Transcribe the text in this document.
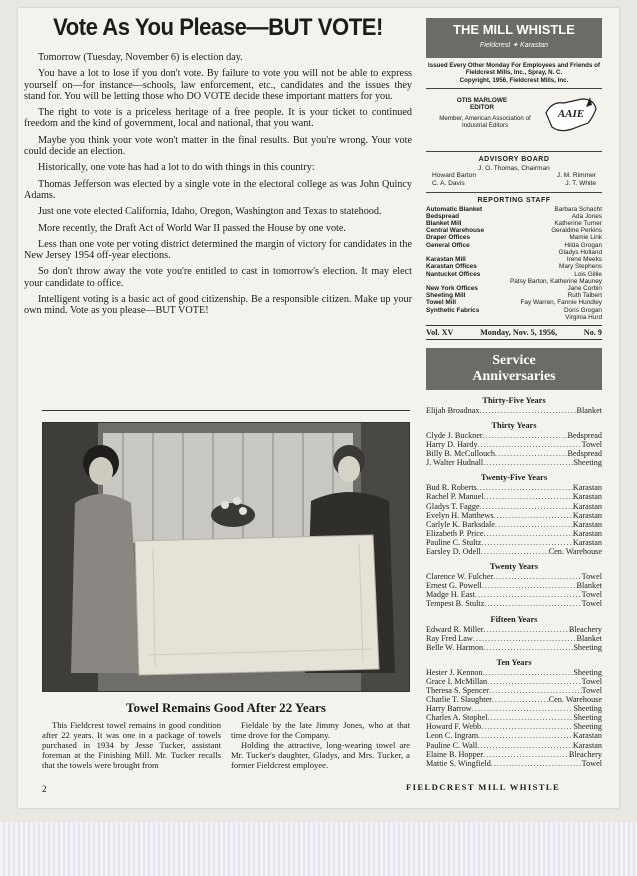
Vote As You Please—BUT VOTE!

Tomorrow (Tuesday, November 6) is election day.

You have a lot to lose if you don't vote. By failure to vote you will not be able to express yourself on—for instance—schools, law enforcement, etc., candidates and the issues they stand for. You will be letting those who DO VOTE decide these important matters for you.

The right to vote is a priceless heritage of a free people. It is your ticket to continued freedom and the kind of government, local and national, that you want.

Maybe you think your vote won't matter in the final results. But you're wrong. Your vote could decide an election.

Historically, one vote has had a lot to do with things in this country:

Thomas Jefferson was elected by a single vote in the electoral college as was John Quincy Adams.

Just one vote elected California, Idaho, Oregon, Washington and Texas to statehood.

More recently, the Draft Act of World War II passed the House by one vote.

Less than one vote per voting district determined the margin of victory for candidates in the New Jersey 1954 off-year elections.

So don't throw away the vote you're entitled to cast in tomorrow's election. It may elect your candidate to office.

Intelligent voting is a basic act of good citizenship. Be a responsible citizen. Make up your own mind. Vote as you please—BUT VOTE!

Towel Remains Good After 22 Years
This Fieldcrest towel remains in good condition after 22 years. It was one in a package of towels purchased in 1934 by Jesse Tucker, assistant foreman at the Finishing Mill. Mr. Tucker recalls that the towels were brought from

Fieldale by the late Jimmy Jones, who at that time drove for the Company.

Holding the attractive, long-wearing towel are Mr. Tucker's daughter, Gladys, and Mrs. Tucker, a former Fieldcrest employee.

THE MILL WHISTLE
Fieldcrest ✦ Karastan
Issued Every Other Monday For Employees and Friends of Fieldcrest Mills, Inc., Spray, N. C.
Copyright, 1956, Fieldcrest Mills, Inc.
OTIS MARLOWE
EDITOR
Member, American Association of Industrial Editors
AAIE
ADVISORY BOARD
J. O. Thomas, Chairman
Howard Barton	J. M. Rimmer
C. A. Davis	J. T. White
REPORTING STAFF
Automatic Blanket	Barbara Schacht
Bedspread	Ada Jones
Blanket Mill	Katherine Turner
Central Warehouse	Geraldine Perkins
Draper Offices	Mamie Link
General Office	Hilda Grogan
Gladys Holland
Karastan Mill	Irene Meeks
Karastan Offices	Mary Stephens
Nantucket Offices	Lois Gillie
Patsy Barton, Katherine Mauney
New York Offices	Jane Corbin
Sheeting Mill	Ruth Talbert
Towel Mill	Fay Warren, Fannie Hundley
Synthetic Fabrics	Doris Grogan
Virginia Hurd
Vol. XV	Monday, Nov. 5, 1956,	No. 9
Service
Anniversaries
Thirty-Five Years
Elijah Broadnax .....	Blanket
Thirty Years
Clyde J. Buckner .....	Bedspread
Harry D. Hardy .....	Towel
Billy B. McCullouch .....	Bedspread
J. Walter Hudnall .....	Sheeting
Twenty-Five Years
Bud R. Roberts .....	Karastan
Rachel P. Manuel .....	Karastan
Gladys T. Fagge .....	Karastan
Evelyn H. Matthews .....	Karastan
Carlyle K. Barksdale .....	Karastan
Elizabeth P. Price .....	Karastan
Pauline C. Stultz .....	Karastan
Earsley D. Odell .....	Cen. Warehouse
Twenty Years
Clarence W. Fulcher .....	Towel
Ernest G. Powell .....	Blanket
Madge H. East .....	Towel
Tempest B. Stultz .....	Towel
Fifteen Years
Edward R. Miller .....	Bleachery
Ray Fred Law .....	Blanket
Belle W. Harmon .....	Sheeting
Ten Years
Hester J. Kennon .....	Sheeting
Grace I. McMillan .....	Towel
Theresa S. Spencer .....	Towel
Charlie T. Slaughter .....	Cen. Warehouse
Harry Barrow .....	Sheeting
Charles A. Stophel .....	Sheeting
Howard F. Webb .....	Sheeting
Leon C. Ingram .....	Karastan
Pauline C. Wall .....	Karastan
Elaine B. Hopper .....	Bleachery
Mattie S. Wingfield .....	Towel
2	FIELDCREST MILL WHISTLE
